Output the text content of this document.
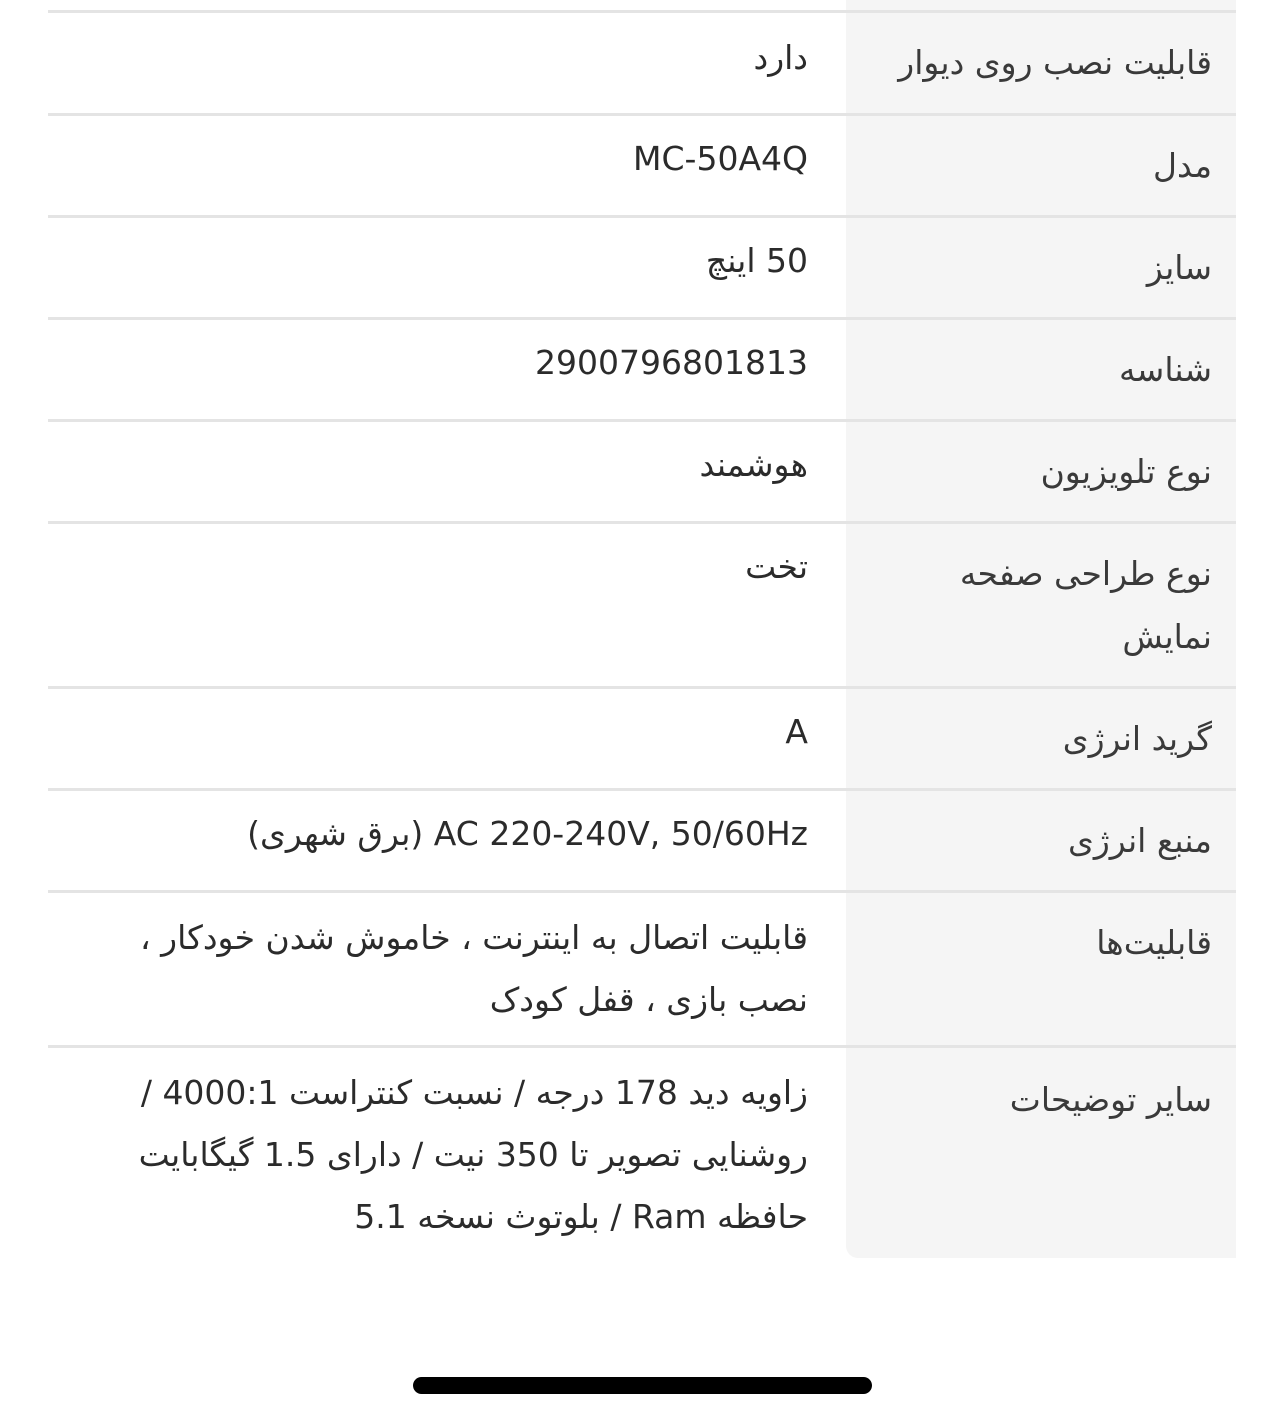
قابلیت نصب روی دیوار
دارد
مدل
MC-50A4Q
سایز
50 اینچ
شناسه
2900796801813
نوع تلویزیون
هوشمند
نوع طراحی صفحه نمایش
تخت
گرید انرژی
A
منبع انرژی
AC 220-240V, 50/60Hz (برق شهری)
قابلیت‌ها
قابلیت اتصال به اینترنت ، خاموش شدن خودکار ، نصب بازی ، قفل کودک
سایر توضیحات
زاویه دید 178 درجه / نسبت کنتراست 4000:1 / روشنایی تصویر تا 350 نیت / دارای 1.5 گیگابایت حافظه Ram / بلوتوث نسخه 5.1
